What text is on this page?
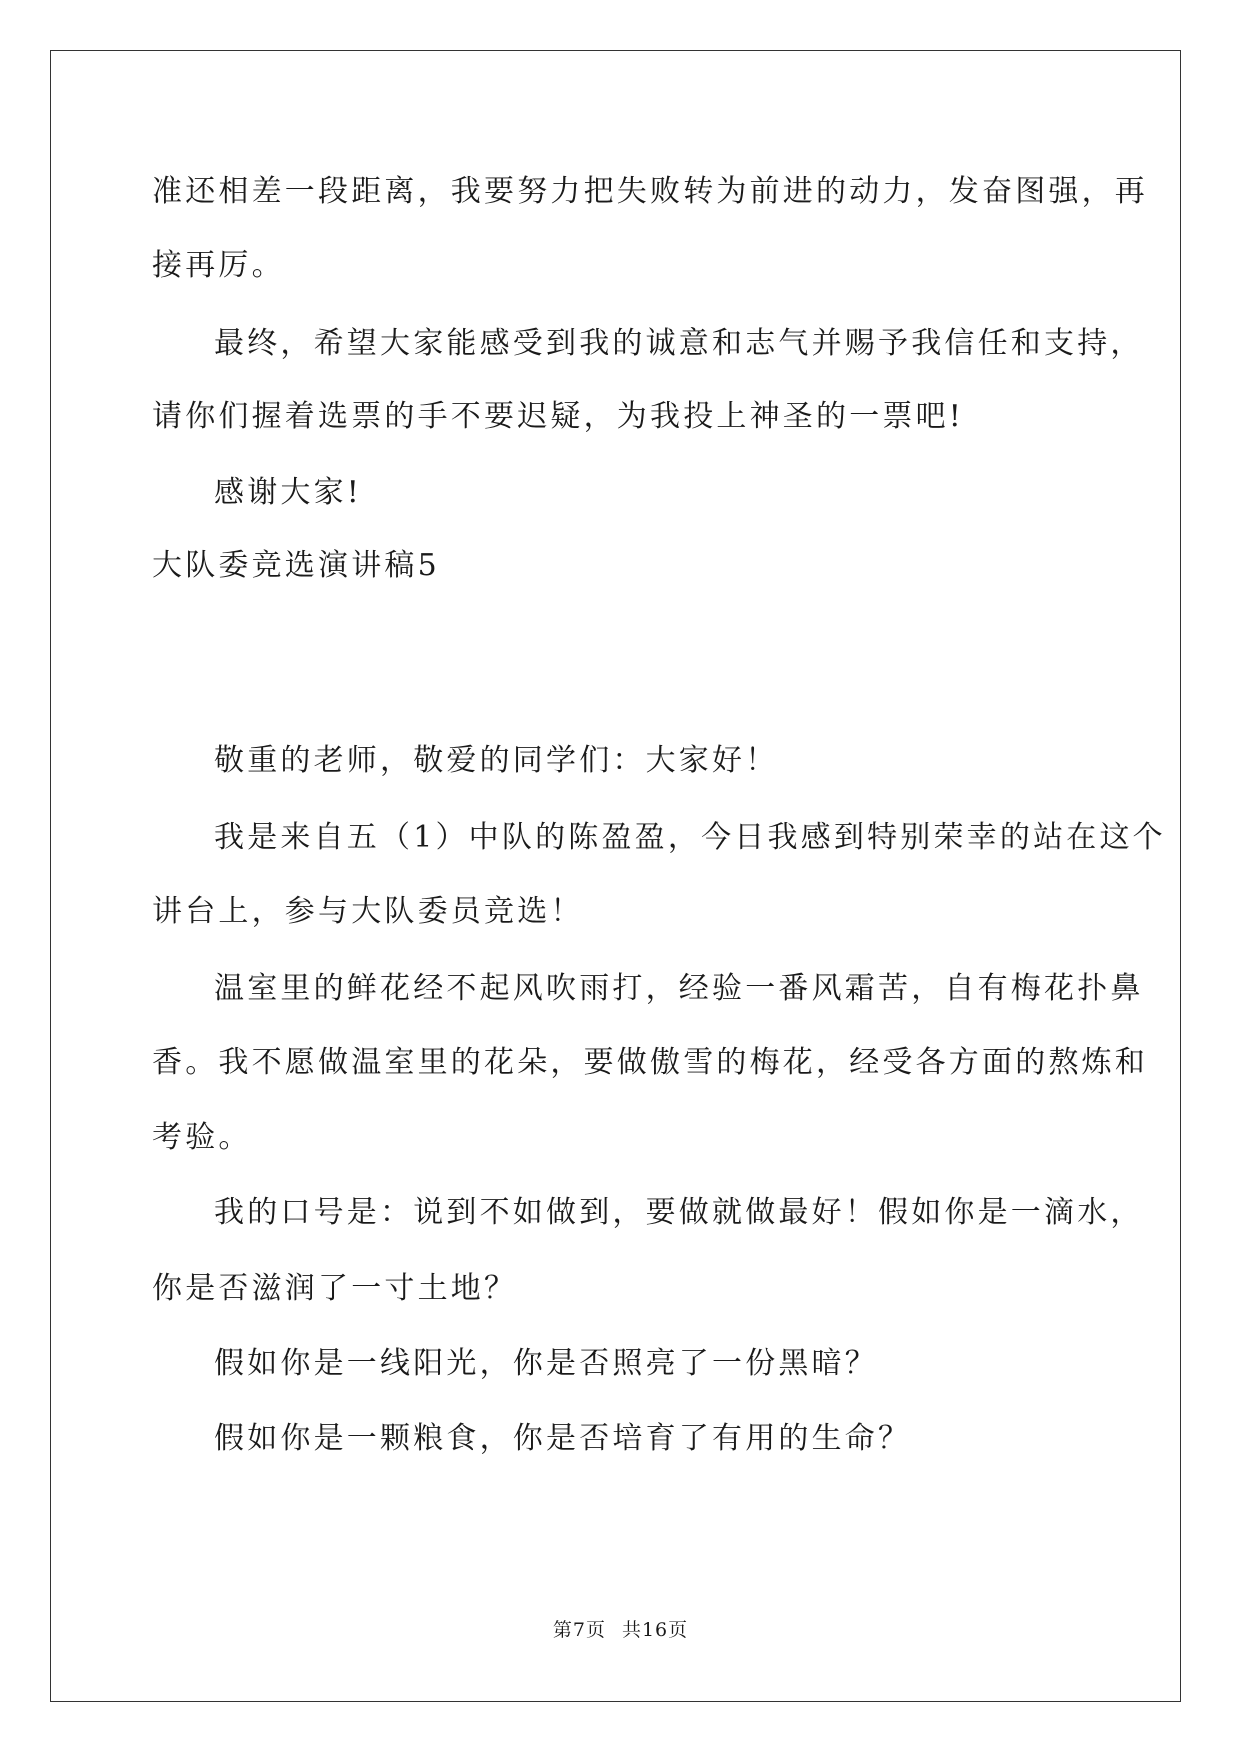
准还相差一段距离，我要努力把失败转为前进的动力，发奋图强，再
接再厉。
最终，希望大家能感受到我的诚意和志气并赐予我信任和支持，
请你们握着选票的手不要迟疑，为我投上神圣的一票吧!
感谢大家!
大队委竞选演讲稿5
敬重的老师，敬爱的同学们：大家好！
我是来自五（1）中队的陈盈盈，今日我感到特别荣幸的站在这个
讲台上，参与大队委员竞选！
温室里的鲜花经不起风吹雨打，经验一番风霜苦，自有梅花扑鼻
香。我不愿做温室里的花朵，要做傲雪的梅花，经受各方面的熬炼和
考验。
我的口号是：说到不如做到，要做就做最好！假如你是一滴水，
你是否滋润了一寸土地？
假如你是一线阳光，你是否照亮了一份黑暗？
假如你是一颗粮食，你是否培育了有用的生命？
第7页 共16页
